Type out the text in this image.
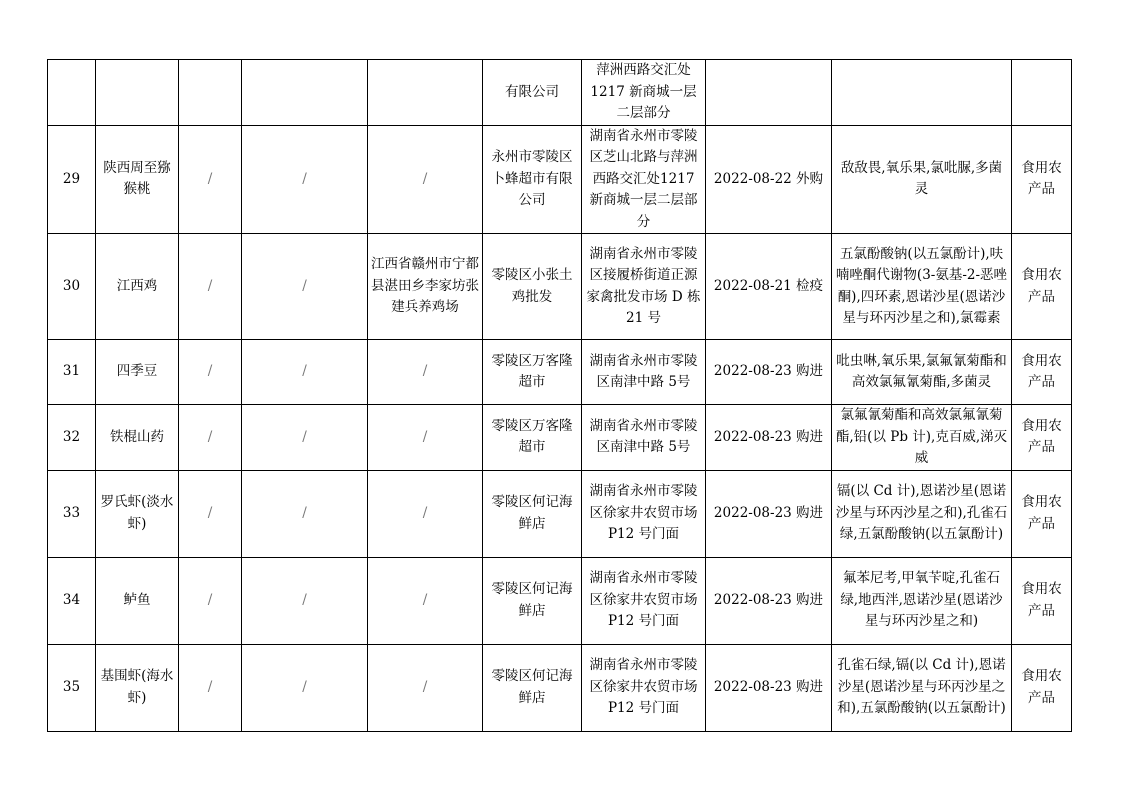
					有限公司	萍洲西路交汇处1217 新商城一层二层部分			
29	陕西周至猕猴桃	/	/	/	永州市零陵区卜蜂超市有限公司	湖南省永州市零陵区芝山北路与萍洲西路交汇处1217 新商城一层二层部分	2022-08-22 外购	敌敌畏,氧乐果,氯吡脲,多菌灵	食用农产品
30	江西鸡	/	/	江西省赣州市宁都县湛田乡李家坊张建兵养鸡场	零陵区小张土鸡批发	湖南省永州市零陵区接履桥街道正源家禽批发市场 D 栋 21 号	2022-08-21 检疫	五氯酚酸钠(以五氯酚计),呋喃唑酮代谢物(3-氨基-2-恶唑酮),四环素,恩诺沙星(恩诺沙星与环丙沙星之和),氯霉素	食用农产品
31	四季豆	/	/	/	零陵区万客隆超市	湖南省永州市零陵区南津中路 5号	2022-08-23 购进	吡虫啉,氧乐果,氯氟氰菊酯和高效氯氟氰菊酯,多菌灵	食用农产品
32	铁棍山药	/	/	/	零陵区万客隆超市	湖南省永州市零陵区南津中路 5号	2022-08-23 购进	氯氟氰菊酯和高效氯氟氰菊酯,铅(以 Pb 计),克百威,涕灭威	食用农产品
33	罗氏虾(淡水虾)	/	/	/	零陵区何记海鲜店	湖南省永州市零陵区徐家井农贸市场 P12 号门面	2022-08-23 购进	镉(以 Cd 计),恩诺沙星(恩诺沙星与环丙沙星之和),孔雀石绿,五氯酚酸钠(以五氯酚计)	食用农产品
34	鲈鱼	/	/	/	零陵区何记海鲜店	湖南省永州市零陵区徐家井农贸市场 P12 号门面	2022-08-23 购进	氟苯尼考,甲氧苄啶,孔雀石绿,地西泮,恩诺沙星(恩诺沙星与环丙沙星之和)	食用农产品
35	基围虾(海水虾)	/	/	/	零陵区何记海鲜店	湖南省永州市零陵区徐家井农贸市场 P12 号门面	2022-08-23 购进	孔雀石绿,镉(以 Cd 计),恩诺沙星(恩诺沙星与环丙沙星之和),五氯酚酸钠(以五氯酚计)	食用农产品
